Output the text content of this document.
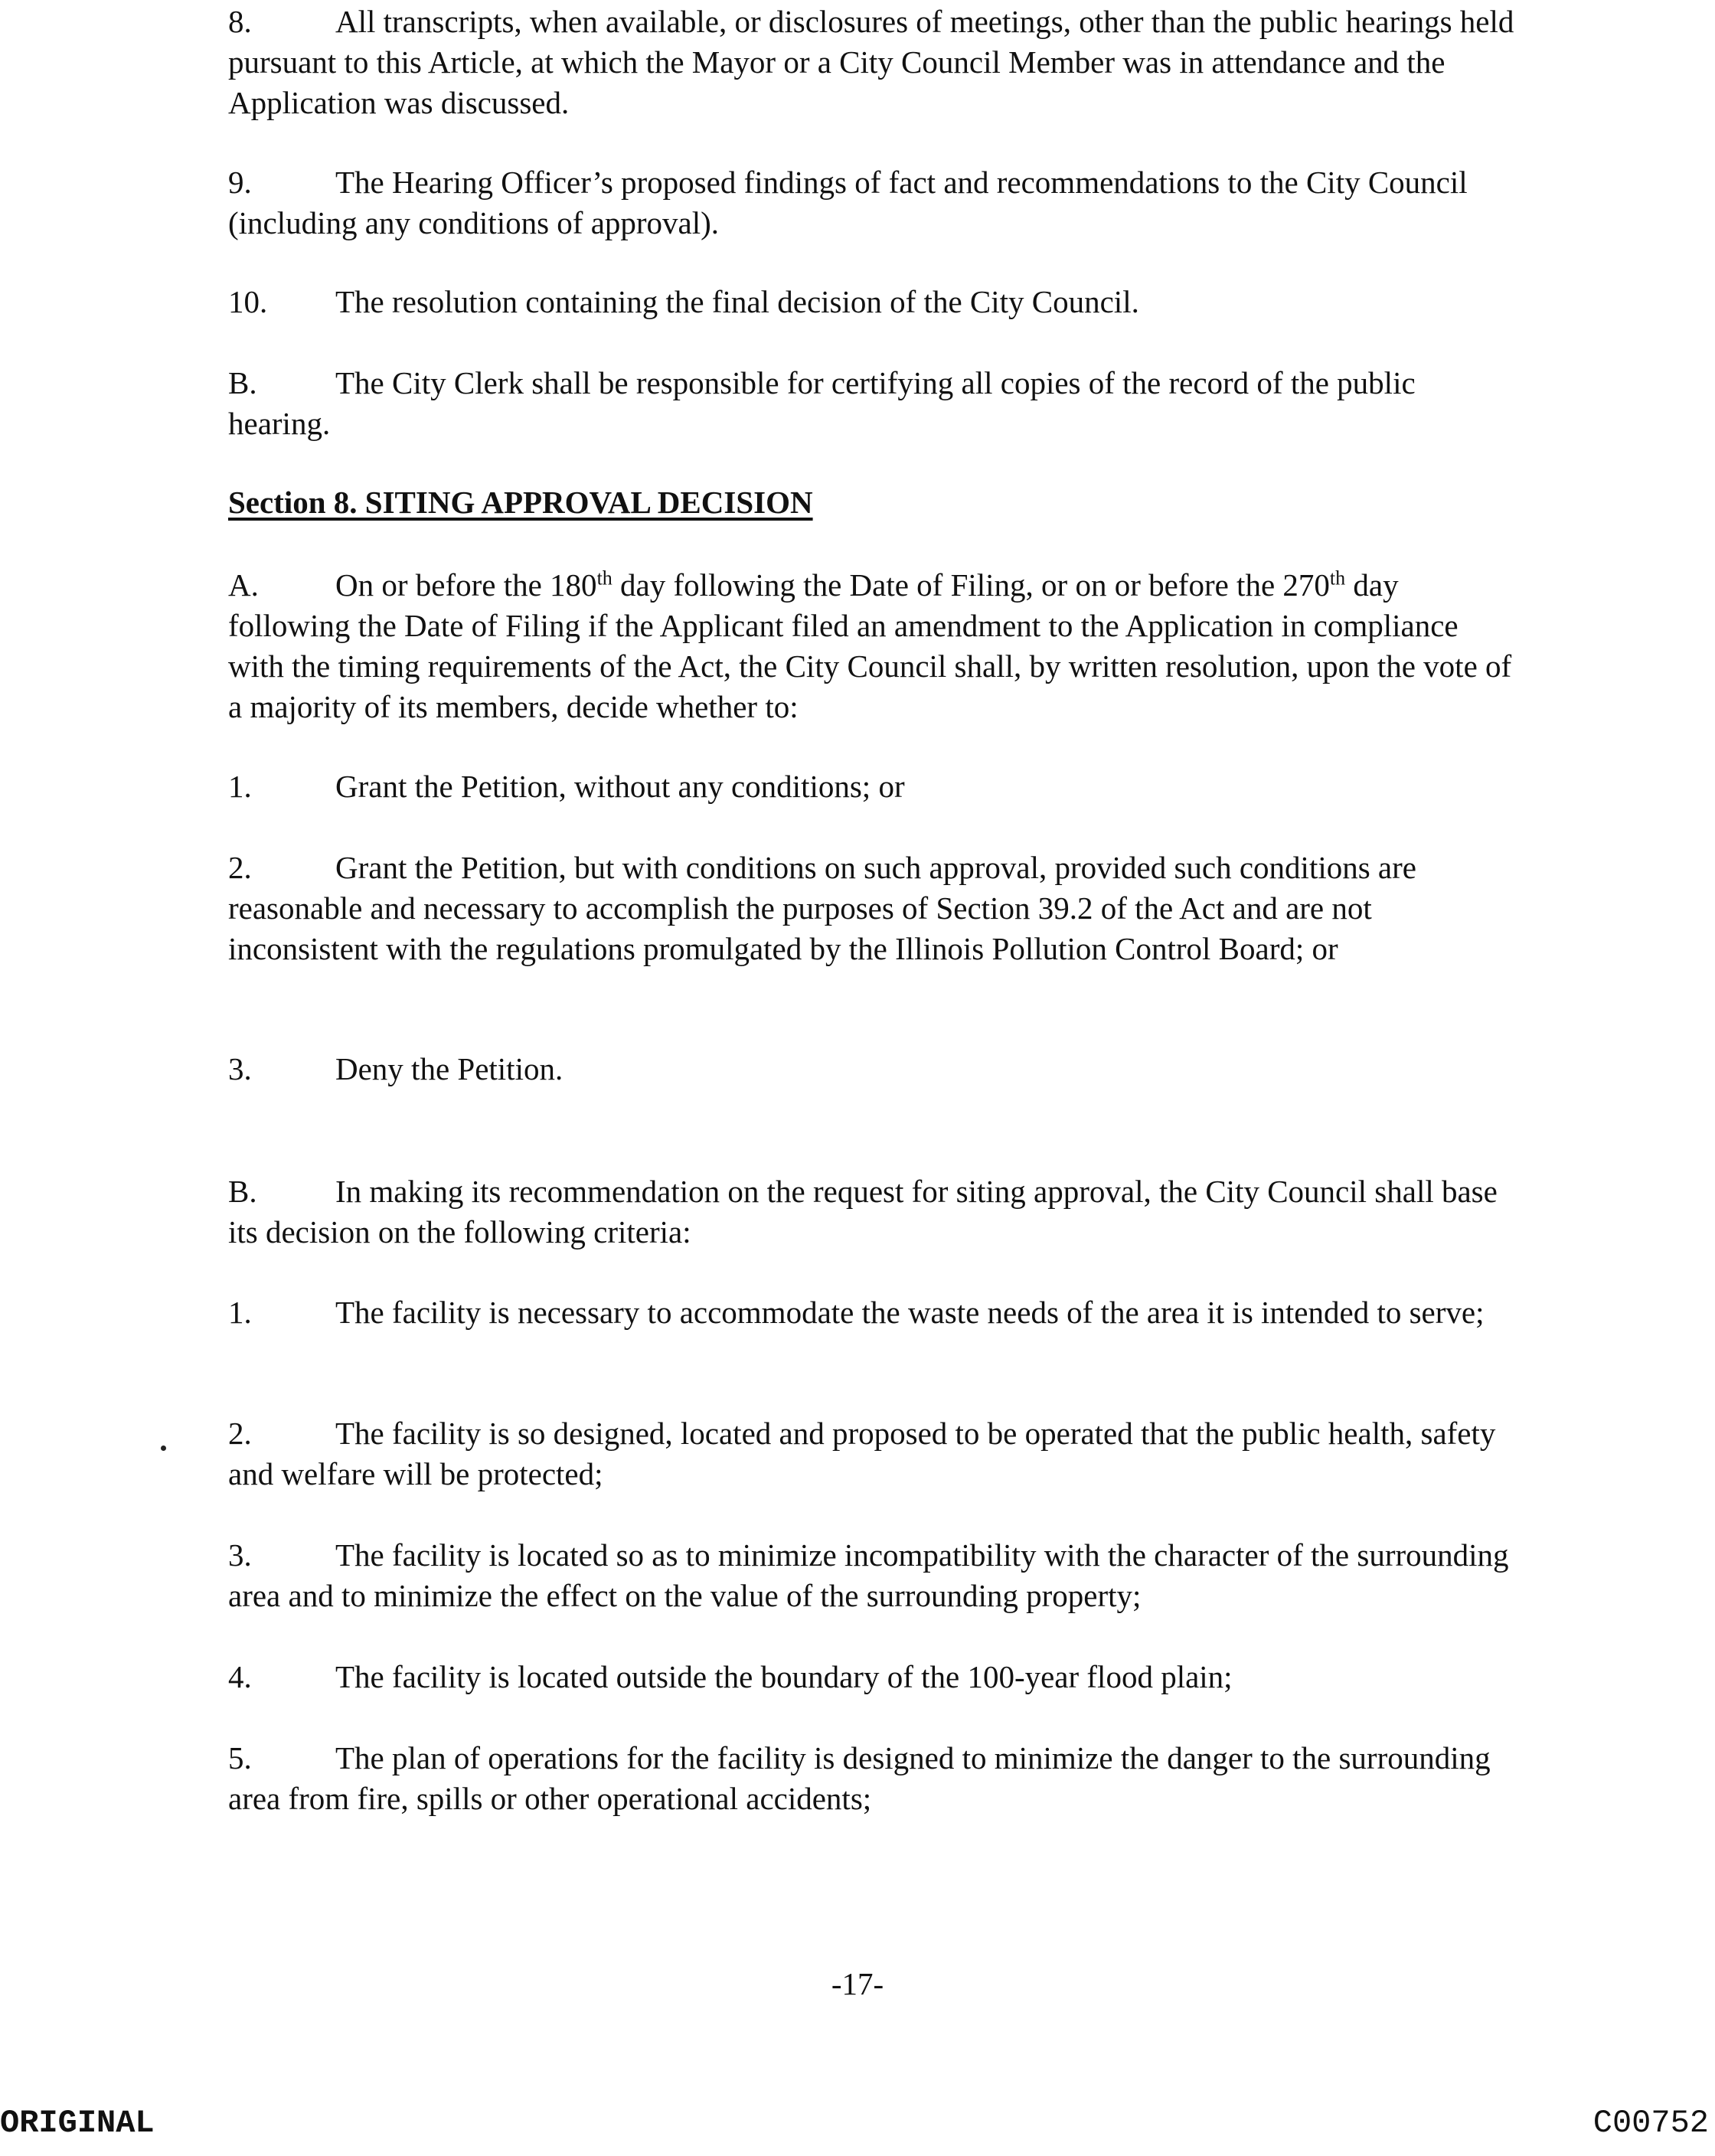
8.	All transcripts, when available, or disclosures of meetings, other than the public hearings held pursuant to this Article, at which the Mayor or a City Council Member was in attendance and the Application was discussed.

9.	The Hearing Officer’s proposed findings of fact and recommendations to the City Council (including any conditions of approval).

10. The resolution containing the final decision of the City Council.

B. The City Clerk shall be responsible for certifying all copies of the record of the public hearing.

Section 8. SITING APPROVAL DECISION

A. On or before the 180th day following the Date of Filing, or on or before the 270th day following the Date of Filing if the Applicant filed an amendment to the Application in compliance with the timing requirements of the Act, the City Council shall, by written resolution, upon the vote of a majority of its members, decide whether to:

1.	Grant the Petition, without any conditions; or

2.	Grant the Petition, but with conditions on such approval, provided such conditions are reasonable and necessary to accomplish the purposes of Section 39.2 of the Act and are not inconsistent with the regulations promulgated by the Illinois Pollution Control Board; or

3.	Deny the Petition.

B. In making its recommendation on the request for siting approval, the City Council shall base its decision on the following criteria:

1.	The facility is necessary to accommodate the waste needs of the area it is intended to serve;

2.	The facility is so designed, located and proposed to be operated that the public health, safety and welfare will be protected;

3.	The facility is located so as to minimize incompatibility with the character of the surrounding area and to minimize the effect on the value of the surrounding property;

4.	The facility is located outside the boundary of the 100-year flood plain;

5.	The plan of operations for the facility is designed to minimize the danger to the surrounding area from fire, spills or other operational accidents;

-17-
ORIGINAL	C00752
